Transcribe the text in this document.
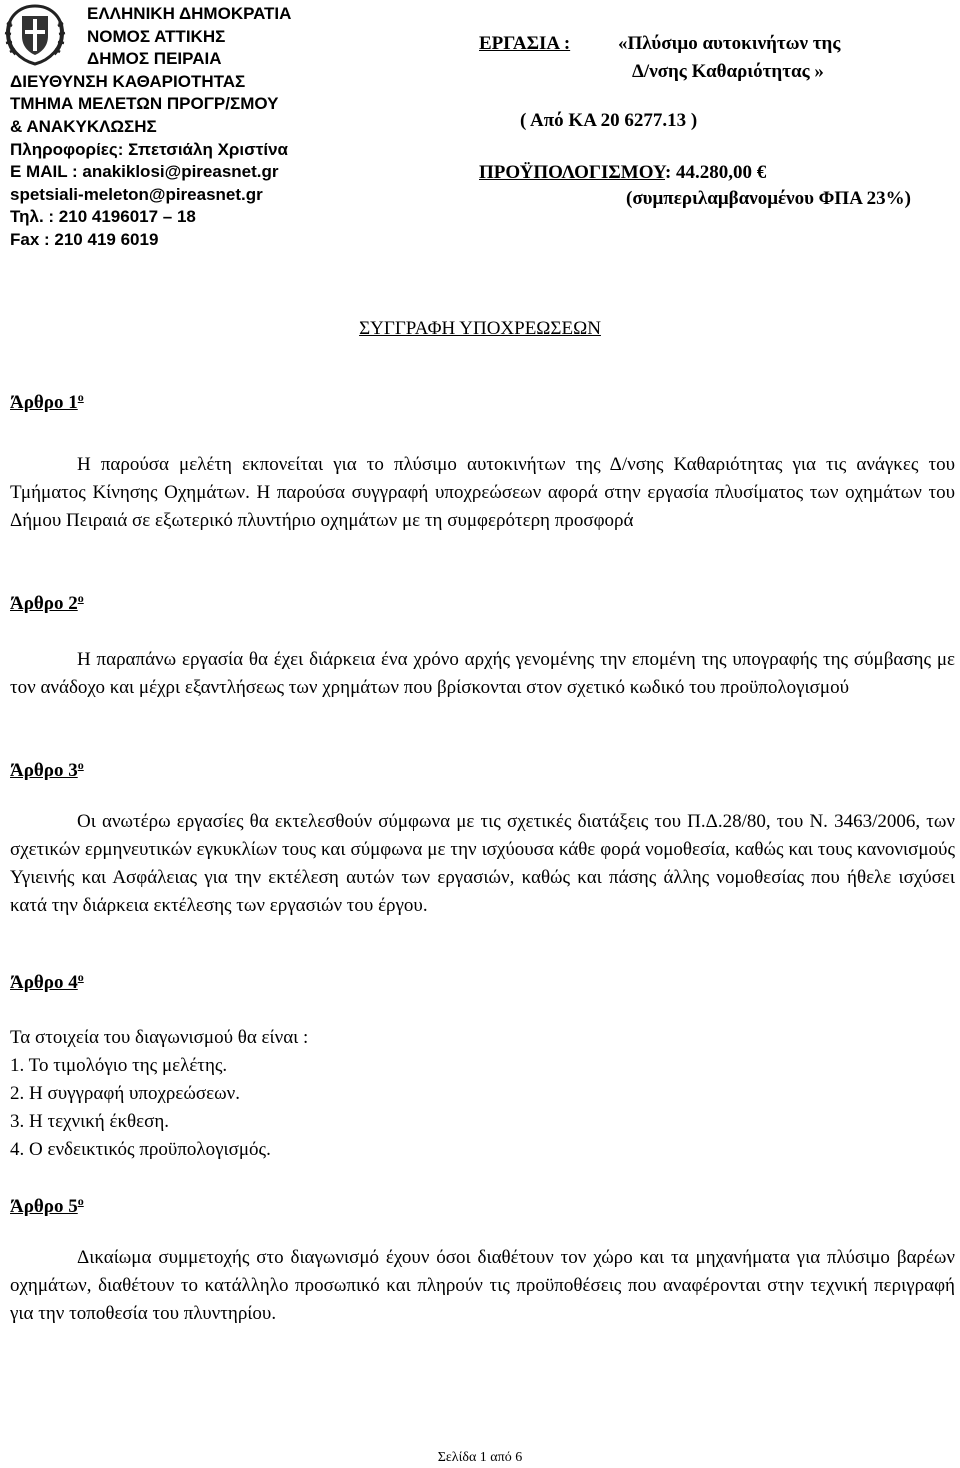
ΕΛΛΗΝΙΚΗ ΔΗΜΟΚΡΑΤΙΑ
ΝΟΜΟΣ ΑΤΤΙΚΗΣ
ΔΗΜΟΣ ΠΕΙΡΑΙΑ
ΔΙΕΥΘΥΝΣΗ ΚΑΘΑΡΙΟΤΗΤΑΣ
ΤΜΗΜΑ ΜΕΛΕΤΩΝ ΠΡΟΓΡ/ΣΜΟΥ
& ΑΝΑΚΥΚΛΩΣΗΣ
Πληροφορίες: Σπετσιάλη Χριστίνα
E MAIL : anakiklosi@pireasnet.gr
spetsiali-meleton@pireasnet.gr
Τηλ. : 210 4196017 – 18
Fax : 210 419 6019
ΕΡΓΑΣΙΑ :	«Πλύσιμο αυτοκινήτων της
Δ/νσης Καθαριότητας »
( Από ΚΑ 20 6277.13 )
ΠΡΟΫΠΟΛΟΓΙΣΜΟΥ: 44.280,00 €
(συμπεριλαμβανομένου ΦΠΑ 23%)
ΣΥΓΓΡΑΦΗ ΥΠΟΧΡΕΩΣΕΩΝ
Άρθρο $1^o$
Η παρούσα μελέτη εκπονείται για το πλύσιμο αυτοκινήτων της Δ/νσης Καθαριότητας για τις ανάγκες του Τμήματος Κίνησης Οχημάτων. Η παρούσα συγγραφή υποχρεώσεων αφορά στην εργασία πλυσίματος των οχημάτων του Δήμου Πειραιά σε εξωτερικό πλυντήριο οχημάτων με τη συμφερότερη προσφορά
Άρθρο $2^o$
Η παραπάνω εργασία θα έχει διάρκεια ένα χρόνο αρχής γενομένης την επομένη της υπογραφής της σύμβασης με τον ανάδοχο και μέχρι εξαντλήσεως των χρημάτων που βρίσκονται στον σχετικό κωδικό του προϋπολογισμού
Άρθρο $3^o$
Οι ανωτέρω εργασίες θα εκτελεσθούν σύμφωνα με τις σχετικές διατάξεις του Π.Δ.28/80, του Ν. 3463/2006, των σχετικών ερμηνευτικών εγκυκλίων τους και σύμφωνα με την ισχύουσα κάθε φορά νομοθεσία, καθώς και τους κανονισμούς Υγιεινής και Ασφάλειας για την εκτέλεση αυτών των εργασιών, καθώς και πάσης άλλης νομοθεσίας που ήθελε ισχύσει κατά την διάρκεια εκτέλεσης των εργασιών του έργου.
Άρθρο $4^o$
Τα στοιχεία του διαγωνισμού θα είναι :
1. Το τιμολόγιο της μελέτης.
2. Η συγγραφή υποχρεώσεων.
3. Η τεχνική έκθεση.
4. Ο ενδεικτικός προϋπολογισμός.
Άρθρο $5^o$
Δικαίωμα συμμετοχής στο διαγωνισμό έχουν όσοι διαθέτουν τον χώρο και τα μηχανήματα για πλύσιμο βαρέων οχημάτων, διαθέτουν το κατάλληλο προσωπικό και πληρούν τις προϋποθέσεις που αναφέρονται στην τεχνική περιγραφή για την τοποθεσία του πλυντηρίου.
Σελίδα 1 από 6
